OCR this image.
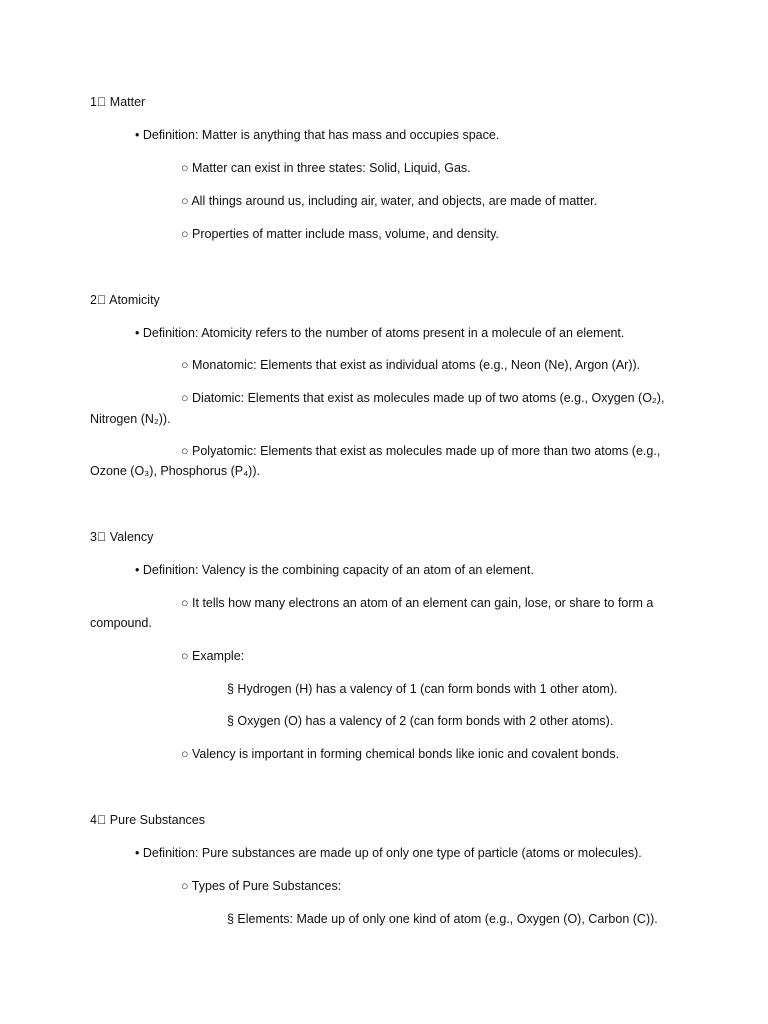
1⃣ Matter
• Definition: Matter is anything that has mass and occupies space.
○ Matter can exist in three states: Solid, Liquid, Gas.
○ All things around us, including air, water, and objects, are made of matter.
○ Properties of matter include mass, volume, and density.
2⃣ Atomicity
• Definition: Atomicity refers to the number of atoms present in a molecule of an element.
○ Monatomic: Elements that exist as individual atoms (e.g., Neon (Ne), Argon (Ar)).
○ Diatomic: Elements that exist as molecules made up of two atoms (e.g., Oxygen (O₂),
Nitrogen (N₂)).
○ Polyatomic: Elements that exist as molecules made up of more than two atoms (e.g.,
Ozone (O₃), Phosphorus (P₄)).
3⃣ Valency
• Definition: Valency is the combining capacity of an atom of an element.
○ It tells how many electrons an atom of an element can gain, lose, or share to form a
compound.
○ Example:
§ Hydrogen (H) has a valency of 1 (can form bonds with 1 other atom).
§ Oxygen (O) has a valency of 2 (can form bonds with 2 other atoms).
○ Valency is important in forming chemical bonds like ionic and covalent bonds.
4⃣ Pure Substances
• Definition: Pure substances are made up of only one type of particle (atoms or molecules).
○ Types of Pure Substances:
§ Elements: Made up of only one kind of atom (e.g., Oxygen (O), Carbon (C)).
